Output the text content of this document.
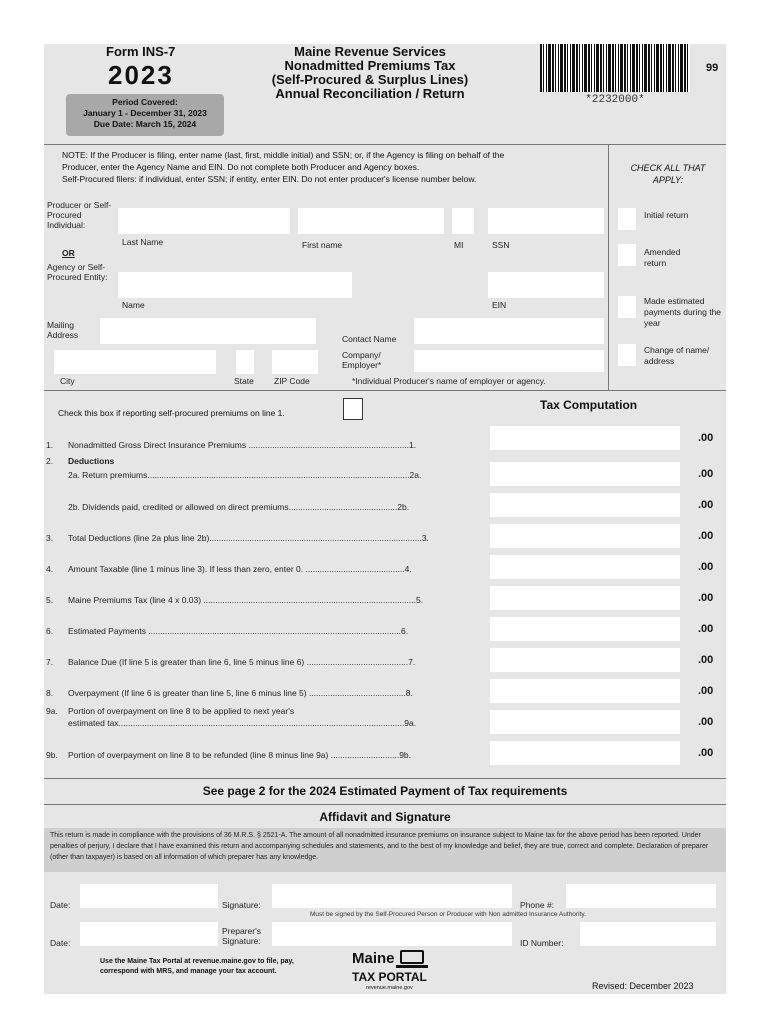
Form INS-7
2023
Period Covered:
January 1 - December 31, 2023
Due Date: March 15, 2024
Maine Revenue Services
Nonadmitted Premiums Tax
(Self-Procured & Surplus Lines)
Annual Reconciliation / Return	*2232000*
99
NOTE: If the Producer is filing, enter name (last, first, middle initial) and SSN; or, if the Agency is filing on behalf of the
Producer, enter the Agency Name and EIN. Do not complete both Producer and Agency boxes.
Self-Procured filers: if individual, enter SSN; if entity, enter EIN. Do not enter producer's license number below.
Producer or Self-Procured Individual:
Last Name	First name	MI	SSN
OR
Agency or Self-Procured Entity:
Name	EIN
Mailing Address	Contact Name
Company/ Employer*
City	State ZIP Code	*Individual Producer's name of employer or agency.
CHECK ALL THAT APPLY:
Initial return
Amended return
Made estimated payments during the year
Change of name/ address
Check this box if reporting self-procured premiums on line 1.
Tax Computation
1. Nonadmitted Gross Direct Insurance Premiums ....................................................................1.
.00
2. Deductions
2a. Return premiums...............................................................................................................2a.	.00
2b. Dividends paid, credited or allowed on direct premiums..............................................2b.	.00
3. Total Deductions (line 2a plus line 2b)..........................................................................................3.	.00
4. Amount Taxable (line 1 minus line 3). If less than zero, enter 0. ..........................................4.	.00
5. Maine Premiums Tax (line 4 x 0.03) ..........................................................................................5.	.00
6. Estimated Payments ...........................................................................................................6.	.00
7. Balance Due (If line 5 is greater than line 6, line 5 minus line 6) ...........................................7.	.00
8. Overpayment (If line 6 is greater than line 5, line 6 minus line 5) .........................................8.	.00
9a. Portion of overpayment on line 8 to be applied to next year's
estimated tax.........................................................................................................................9a.	.00
9b. Portion of overpayment on line 8 to be refunded (line 8 minus line 9a) .............................9b.	.00
See page 2 for the 2024 Estimated Payment of Tax requirements
Affidavit and Signature
This return is made in compliance with the provisions of 36 M.R.S. § 2521-A. The amount of all nonadmitted insurance premiums on insurance subject to Maine tax for the above period has been reported. Under penalties of perjury, I declare that I have examined this return and accompanying schedules and statements, and to the best of my knowledge and belief, they are true, correct and complete. Declaration of preparer (other than taxpayer) is based on all information of which preparer has any knowledge.
Date:	Signature:	Phone #:
Must be signed by the Self-Procured Person or Producer with Non admitted Insurance Authority.
Date:
Preparer's Signature:	ID Number:
Use the Maine Tax Portal at revenue.maine.gov to file, pay,
correspond with MRS, and manage your tax account.
Maine
TAX PORTAL
revenue.maine.gov	Revised: December 2023
